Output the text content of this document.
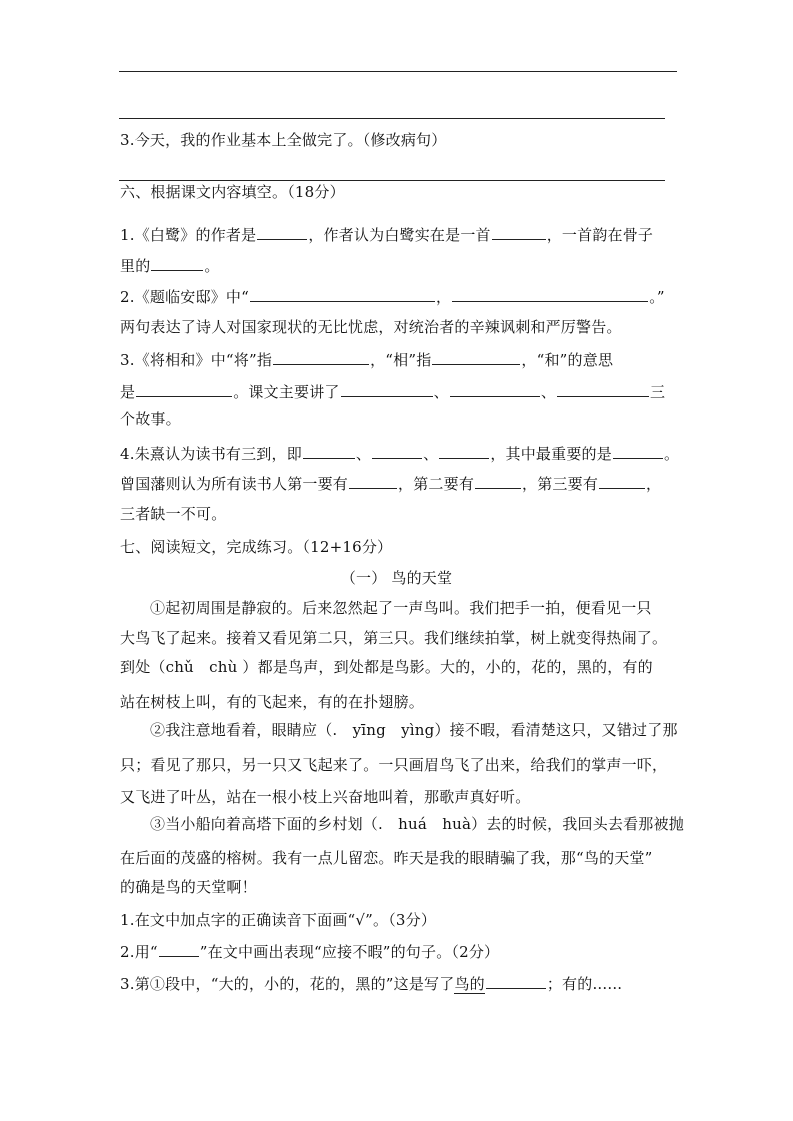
3.今天，我的作业基本上全做完了。（修改病句）
六、根据课文内容填空。（18分）
1.《白鹭》的作者是	，作者认为白鹭实在是一首	，一首韵在骨子
里的	。
2.《题临安邸》中“	，	。”
两句表达了诗人对国家现状的无比忧虑，对统治者的辛辣讽刺和严厉警告。
3.《将相和》中“将”指	，“相”指	，“和”的意思
是	。课文主要讲了	、	、	三
个故事。
4.朱熹认为读书有三到，即	、	、	，其中最重要的是	。
曾国藩则认为所有读书人第一要有	，第二要有	，第三要有	，
三者缺一不可。
七、阅读短文，完成练习。（12+16分）
（一） 鸟的天堂
①起初周围是静寂的。后来忽然起了一声鸟叫。我们把手一拍，便看见一只
大鸟飞了起来。接着又看见第二只，第三只。我们继续拍掌，树上就变得热闹了。
到处（chǔ　chù ）都是鸟声，到处都是鸟影。大的，小的，花的，黑的，有的
站在树枝上叫，有的飞起来，有的在扑翅膀。
②我注意地看着，眼睛应（.　yīng　yìng）接不暇，看清楚这只，又错过了那
只；看见了那只，另一只又飞起来了。一只画眉鸟飞了出来，给我们的掌声一吓，
又飞进了叶丛，站在一根小枝上兴奋地叫着，那歌声真好听。
③当小船向着高塔下面的乡村划（.　huá　huà）去的时候，我回头去看那被抛
在后面的茂盛的榕树。我有一点儿留恋。昨天是我的眼睛骗了我，那“鸟的天堂”
的确是鸟的天堂啊！
1.在文中加点字的正确读音下面画“√”。（3分）
2.用“	”在文中画出表现“应接不暇”的句子。（2分）
3.第①段中，“大的，小的，花的，黑的”这是写了鸟的	；有的......
